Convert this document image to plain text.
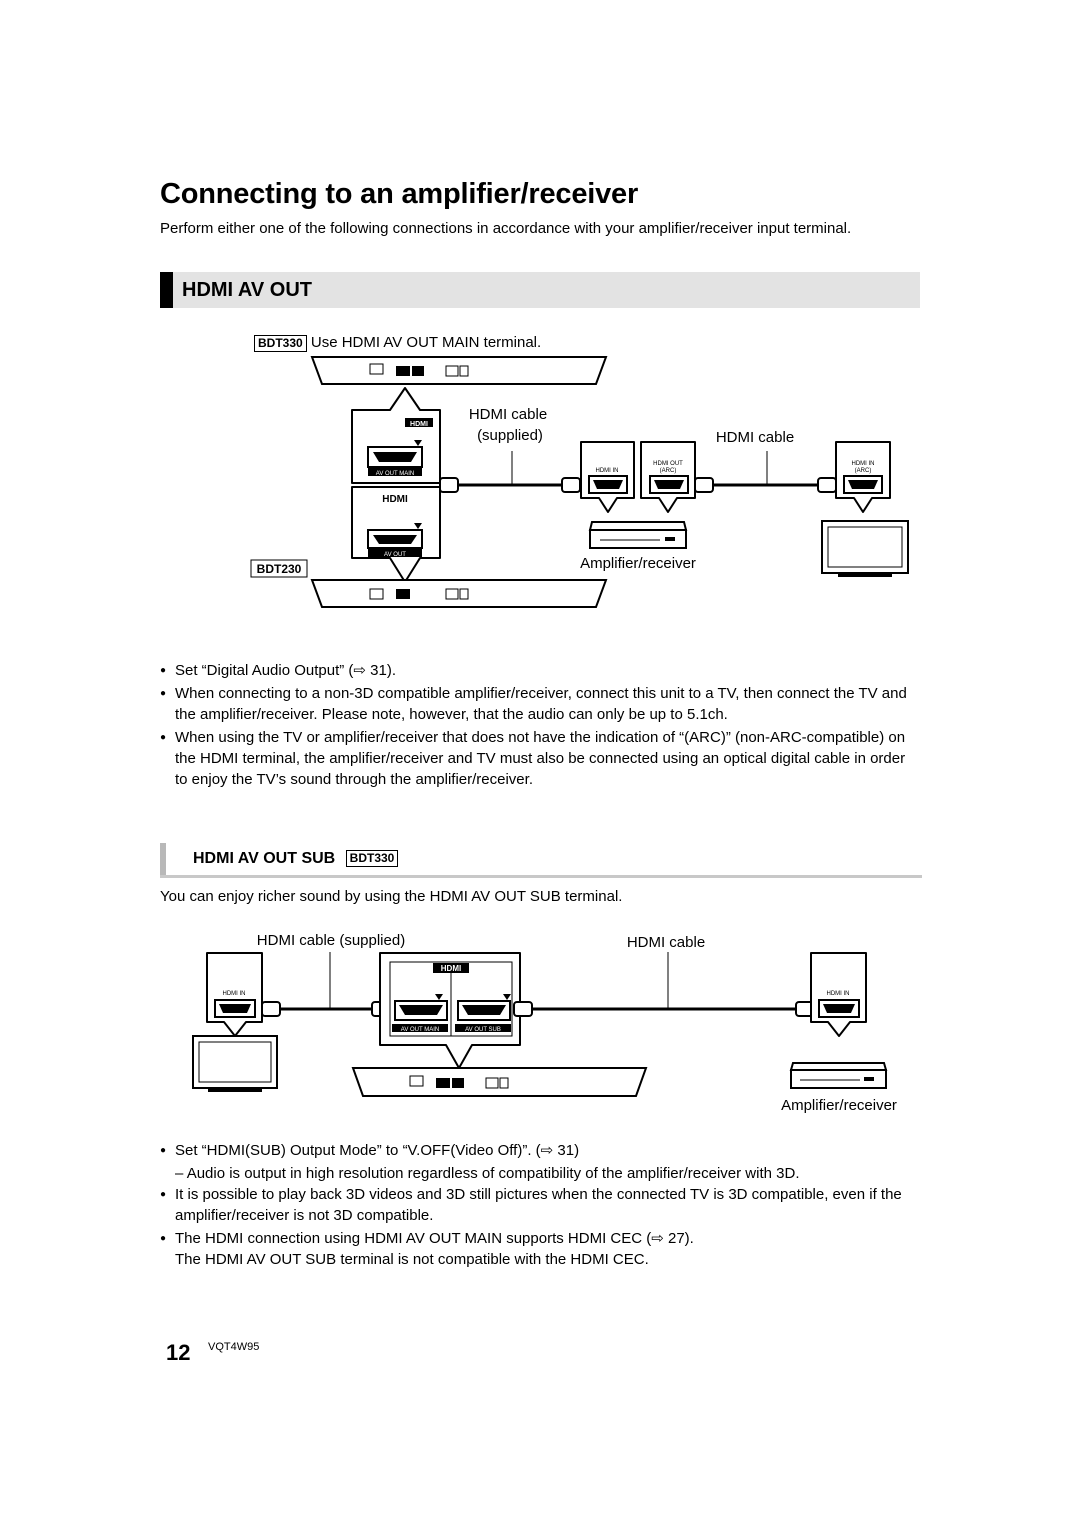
Connecting to an amplifier/receiver
Perform either one of the following connections in accordance with your amplifier/receiver input terminal.
HDMI AV OUT
BDT330 Use HDMI AV OUT MAIN terminal.
HDMI
AV OUT MAIN
HDMI
AV OUT
BDT230
HDMI cable
(supplied)
HDMI IN
HDMI OUT
(ARC)
HDMI cable
HDMI IN
(ARC)
Amplifier/receiver
● Set “Digital Audio Output” (⇨ 31).
● When connecting to a non-3D compatible amplifier/receiver, connect this unit to a TV, then connect the TV and the amplifier/receiver. Please note, however, that the audio can only be up to 5.1ch.
● When using the TV or amplifier/receiver that does not have the indication of “(ARC)” (non-ARC-compatible) on the HDMI terminal, the amplifier/receiver and TV must also be connected using an optical digital cable in order to enjoy the TV’s sound through the amplifier/receiver.
HDMI AV OUT SUB BDT330
You can enjoy richer sound by using the HDMI AV OUT SUB terminal.
HDMI cable (supplied)	HDMI cable
HDMI IN
HDMI
AV OUT MAIN	AV OUT SUB
HDMI IN
Amplifier/receiver
● Set “HDMI(SUB) Output Mode” to “V.OFF(Video Off)”. (⇨ 31)
– Audio is output in high resolution regardless of compatibility of the amplifier/receiver with 3D.
● It is possible to play back 3D videos and 3D still pictures when the connected TV is 3D compatible, even if the amplifier/receiver is not 3D compatible.
● The HDMI connection using HDMI AV OUT MAIN supports HDMI CEC (⇨ 27).
The HDMI AV OUT SUB terminal is not compatible with the HDMI CEC.
12 VQT4W95
